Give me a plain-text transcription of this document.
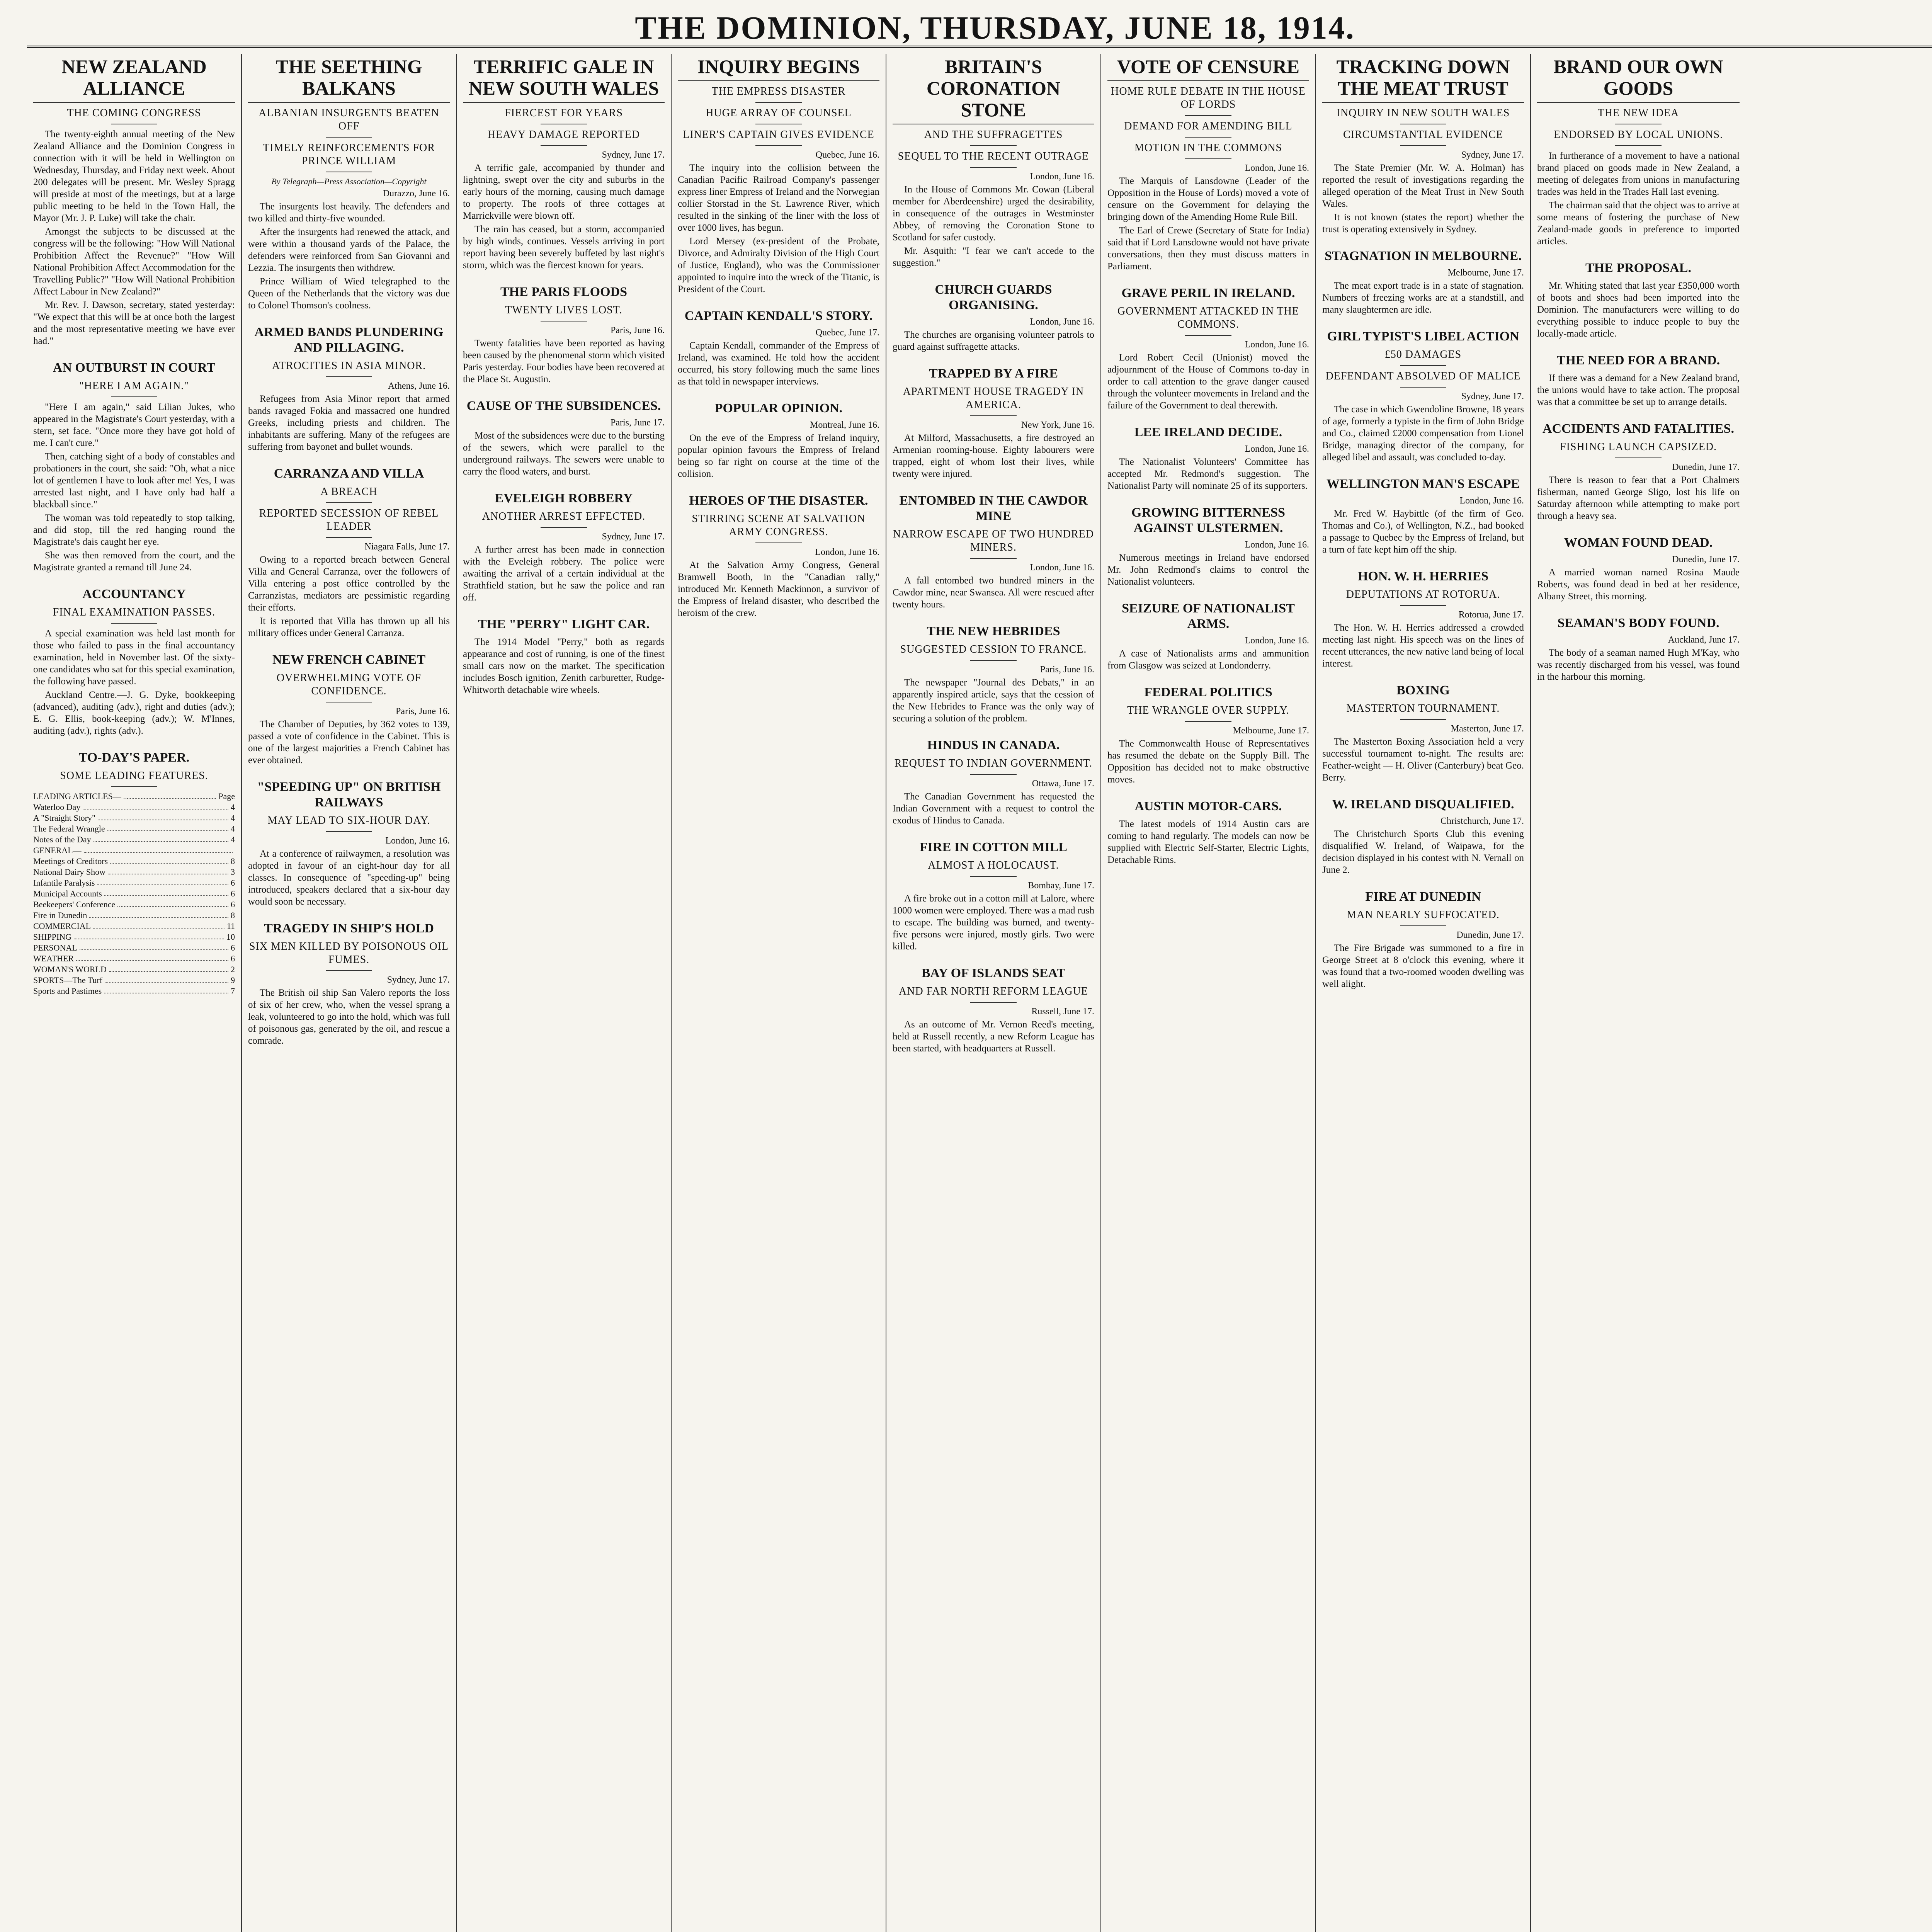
THE DOMINION, THURSDAY, JUNE 18, 1914.
NEW ZEALAND ALLIANCE
THE COMING CONGRESS

The twenty-eighth annual meeting of the New Zealand Alliance and the Dominion Congress in connection with it will be held in Wellington on Wednesday, Thursday, and Friday next week. About 200 delegates will be present. Mr. Wesley Spragg will preside at most of the meetings, but at a large public meeting to be held in the Town Hall, the Mayor (Mr. J. P. Luke) will take the chair.

Amongst the subjects to be discussed at the congress will be the following: "How Will National Prohibition Affect the Revenue?" "How Will National Prohibition Affect Accommodation for the Travelling Public?" "How Will National Prohibition Affect Labour in New Zealand?"

Mr. Rev. J. Dawson, secretary, stated yesterday: "We expect that this will be at once both the largest and the most representative meeting we have ever had."

AN OUTBURST IN COURT
"HERE I AM AGAIN."

"Here I am again," said Lilian Jukes, who appeared in the Magistrate's Court yesterday, with a stern, set face. "Once more they have got hold of me. I can't cure."

Then, catching sight of a body of constables and probationers in the court, she said: "Oh, what a nice lot of gentlemen I have to look after me! Yes, I was arrested last night, and I have only had half a blackball since."

The woman was told repeatedly to stop talking, and did stop, till the red hanging round the Magistrate's dais caught her eye.

She was then removed from the court, and the Magistrate granted a remand till June 24.

ACCOUNTANCY
FINAL EXAMINATION PASSES.

A special examination was held last month for those who failed to pass in the final accountancy examination, held in November last. Of the sixty-one candidates who sat for this special examination, the following have passed.

Auckland Centre.—J. G. Dyke, bookkeeping (advanced), auditing (adv.), right and duties (adv.); E. G. Ellis, book-keeping (adv.); W. M'Innes, auditing (adv.), rights (adv.).

TO-DAY'S PAPER.
SOME LEADING FEATURES.
LEADING ARTICLES—	Page
Waterloo Day	4
A "Straight Story"	4
The Federal Wrangle	4
Notes of the Day	4
GENERAL—
Meetings of Creditors	8
National Dairy Show	3
Infantile Paralysis	6
Municipal Accounts	6
Beekeepers' Conference	6
Fire in Dunedin	8
COMMERCIAL	11
SHIPPING	10
PERSONAL	6
WEATHER	6
WOMAN'S WORLD	2
SPORTS—The Turf	9
Sports and Pastimes	7
THE SEETHING BALKANS
ALBANIAN INSURGENTS BEATEN OFF
TIMELY REINFORCEMENTS FOR PRINCE WILLIAM
By Telegraph—Press Association—Copyright
Durazzo, June 16.

The insurgents lost heavily. The defenders and two killed and thirty-five wounded.

After the insurgents had renewed the attack, and were within a thousand yards of the Palace, the defenders were reinforced from San Giovanni and Lezzia. The insurgents then withdrew.

Prince William of Wied telegraphed to the Queen of the Netherlands that the victory was due to Colonel Thomson's coolness.

ARMED BANDS PLUNDERING AND PILLAGING.
ATROCITIES IN ASIA MINOR.
Athens, June 16.

Refugees from Asia Minor report that armed bands ravaged Fokia and massacred one hundred Greeks, including priests and children. The inhabitants are suffering. Many of the refugees are suffering from bayonet and bullet wounds.

CARRANZA AND VILLA
A BREACH
REPORTED SECESSION OF REBEL LEADER
Niagara Falls, June 17.

Owing to a reported breach between General Villa and General Carranza, over the followers of Villa entering a post office controlled by the Carranzistas, mediators are pessimistic regarding their efforts.

It is reported that Villa has thrown up all his military offices under General Carranza.

NEW FRENCH CABINET
OVERWHELMING VOTE OF CONFIDENCE.
Paris, June 16.

The Chamber of Deputies, by 362 votes to 139, passed a vote of confidence in the Cabinet. This is one of the largest majorities a French Cabinet has ever obtained.

"SPEEDING UP" ON BRITISH RAILWAYS
MAY LEAD TO SIX-HOUR DAY.
London, June 16.

At a conference of railwaymen, a resolution was adopted in favour of an eight-hour day for all classes. In consequence of "speeding-up" being introduced, speakers declared that a six-hour day would soon be necessary.

TRAGEDY IN SHIP'S HOLD
SIX MEN KILLED BY POISONOUS OIL FUMES.
Sydney, June 17.

The British oil ship San Valero reports the loss of six of her crew, who, when the vessel sprang a leak, volunteered to go into the hold, which was full of poisonous gas, generated by the oil, and rescue a comrade.

TERRIFIC GALE IN NEW SOUTH WALES
FIERCEST FOR YEARS
HEAVY DAMAGE REPORTED
Sydney, June 17.

A terrific gale, accompanied by thunder and lightning, swept over the city and suburbs in the early hours of the morning, causing much damage to property. The roofs of three cottages at Marrickville were blown off.

The rain has ceased, but a storm, accompanied by high winds, continues. Vessels arriving in port report having been severely buffeted by last night's storm, which was the fiercest known for years.

THE PARIS FLOODS
TWENTY LIVES LOST.
Paris, June 16.

Twenty fatalities have been reported as having been caused by the phenomenal storm which visited Paris yesterday. Four bodies have been recovered at the Place St. Augustin.

CAUSE OF THE SUBSIDENCES.
Paris, June 17.

Most of the subsidences were due to the bursting of the sewers, which were parallel to the underground railways. The sewers were unable to carry the flood waters, and burst.

EVELEIGH ROBBERY
ANOTHER ARREST EFFECTED.
Sydney, June 17.

A further arrest has been made in connection with the Eveleigh robbery. The police were awaiting the arrival of a certain individual at the Strathfield station, but he saw the police and ran off.

THE "PERRY" LIGHT CAR.

The 1914 Model "Perry," both as regards appearance and cost of running, is one of the finest small cars now on the market. The specification includes Bosch ignition, Zenith carburetter, Rudge-Whitworth detachable wire wheels.

INQUIRY BEGINS
THE EMPRESS DISASTER
HUGE ARRAY OF COUNSEL
LINER'S CAPTAIN GIVES EVIDENCE
Quebec, June 16.

The inquiry into the collision between the Canadian Pacific Railroad Company's passenger express liner Empress of Ireland and the Norwegian collier Storstad in the St. Lawrence River, which resulted in the sinking of the liner with the loss of over 1000 lives, has begun.

Lord Mersey (ex-president of the Probate, Divorce, and Admiralty Division of the High Court of Justice, England), who was the Commissioner appointed to inquire into the wreck of the Titanic, is President of the Court.

CAPTAIN KENDALL'S STORY.
Quebec, June 17.

Captain Kendall, commander of the Empress of Ireland, was examined. He told how the accident occurred, his story following much the same lines as that told in newspaper interviews.

POPULAR OPINION.
Montreal, June 16.

On the eve of the Empress of Ireland inquiry, popular opinion favours the Empress of Ireland being so far right on course at the time of the collision.

HEROES OF THE DISASTER.
STIRRING SCENE AT SALVATION ARMY CONGRESS.
London, June 16.

At the Salvation Army Congress, General Bramwell Booth, in the "Canadian rally," introduced Mr. Kenneth Mackinnon, a survivor of the Empress of Ireland disaster, who described the heroism of the crew.

BRITAIN'S CORONATION STONE
AND THE SUFFRAGETTES
SEQUEL TO THE RECENT OUTRAGE
London, June 16.

In the House of Commons Mr. Cowan (Liberal member for Aberdeenshire) urged the desirability, in consequence of the outrages in Westminster Abbey, of removing the Coronation Stone to Scotland for safer custody.

Mr. Asquith: "I fear we can't accede to the suggestion."

CHURCH GUARDS ORGANISING.
London, June 16.

The churches are organising volunteer patrols to guard against suffragette attacks.

TRAPPED BY A FIRE
APARTMENT HOUSE TRAGEDY IN AMERICA.
New York, June 16.

At Milford, Massachusetts, a fire destroyed an Armenian rooming-house. Eighty labourers were trapped, eight of whom lost their lives, while twenty were injured.

ENTOMBED IN THE CAWDOR MINE
NARROW ESCAPE OF TWO HUNDRED MINERS.
London, June 16.

A fall entombed two hundred miners in the Cawdor mine, near Swansea. All were rescued after twenty hours.

THE NEW HEBRIDES
SUGGESTED CESSION TO FRANCE.
Paris, June 16.

The newspaper "Journal des Debats," in an apparently inspired article, says that the cession of the New Hebrides to France was the only way of securing a solution of the problem.

HINDUS IN CANADA.
REQUEST TO INDIAN GOVERNMENT.
Ottawa, June 17.

The Canadian Government has requested the Indian Government with a request to control the exodus of Hindus to Canada.

FIRE IN COTTON MILL
ALMOST A HOLOCAUST.
Bombay, June 17.

A fire broke out in a cotton mill at Lalore, where 1000 women were employed. There was a mad rush to escape. The building was burned, and twenty-five persons were injured, mostly girls. Two were killed.

BAY OF ISLANDS SEAT
AND FAR NORTH REFORM LEAGUE
Russell, June 17.

As an outcome of Mr. Vernon Reed's meeting, held at Russell recently, a new Reform League has been started, with headquarters at Russell.

VOTE OF CENSURE
HOME RULE DEBATE IN THE HOUSE OF LORDS
DEMAND FOR AMENDING BILL
MOTION IN THE COMMONS
London, June 16.

The Marquis of Lansdowne (Leader of the Opposition in the House of Lords) moved a vote of censure on the Government for delaying the bringing down of the Amending Home Rule Bill.

The Earl of Crewe (Secretary of State for India) said that if Lord Lansdowne would not have private conversations, then they must discuss matters in Parliament.

GRAVE PERIL IN IRELAND.
GOVERNMENT ATTACKED IN THE COMMONS.
London, June 16.

Lord Robert Cecil (Unionist) moved the adjournment of the House of Commons to-day in order to call attention to the grave danger caused through the volunteer movements in Ireland and the failure of the Government to deal therewith.

LEE IRELAND DECIDE.
London, June 16.

The Nationalist Volunteers' Committee has accepted Mr. Redmond's suggestion. The Nationalist Party will nominate 25 of its supporters.

GROWING BITTERNESS AGAINST ULSTERMEN.
London, June 16.

Numerous meetings in Ireland have endorsed Mr. John Redmond's claims to control the Nationalist volunteers.

SEIZURE OF NATIONALIST ARMS.
London, June 16.

A case of Nationalists arms and ammunition from Glasgow was seized at Londonderry.

FEDERAL POLITICS
THE WRANGLE OVER SUPPLY.
Melbourne, June 17.

The Commonwealth House of Representatives has resumed the debate on the Supply Bill. The Opposition has decided not to make obstructive moves.

AUSTIN MOTOR-CARS.

The latest models of 1914 Austin cars are coming to hand regularly. The models can now be supplied with Electric Self-Starter, Electric Lights, Detachable Rims.

TRACKING DOWN THE MEAT TRUST
INQUIRY IN NEW SOUTH WALES
CIRCUMSTANTIAL EVIDENCE
Sydney, June 17.

The State Premier (Mr. W. A. Holman) has reported the result of investigations regarding the alleged operation of the Meat Trust in New South Wales.

It is not known (states the report) whether the trust is operating extensively in Sydney.

STAGNATION IN MELBOURNE.
Melbourne, June 17.

The meat export trade is in a state of stagnation. Numbers of freezing works are at a standstill, and many slaughtermen are idle.

GIRL TYPIST'S LIBEL ACTION
£50 DAMAGES
DEFENDANT ABSOLVED OF MALICE
Sydney, June 17.

The case in which Gwendoline Browne, 18 years of age, formerly a typiste in the firm of John Bridge and Co., claimed £2000 compensation from Lionel Bridge, managing director of the company, for alleged libel and assault, was concluded to-day.

WELLINGTON MAN'S ESCAPE
London, June 16.

Mr. Fred W. Haybittle (of the firm of Geo. Thomas and Co.), of Wellington, N.Z., had booked a passage to Quebec by the Empress of Ireland, but a turn of fate kept him off the ship.

HON. W. H. HERRIES
DEPUTATIONS AT ROTORUA.
Rotorua, June 17.

The Hon. W. H. Herries addressed a crowded meeting last night. His speech was on the lines of recent utterances, the new native land being of local interest.

BOXING
MASTERTON TOURNAMENT.
Masterton, June 17.

The Masterton Boxing Association held a very successful tournament to-night. The results are: Feather-weight — H. Oliver (Canterbury) beat Geo. Berry.

W. IRELAND DISQUALIFIED.
Christchurch, June 17.

The Christchurch Sports Club this evening disqualified W. Ireland, of Waipawa, for the decision displayed in his contest with N. Vernall on June 2.

FIRE AT DUNEDIN
MAN NEARLY SUFFOCATED.
Dunedin, June 17.

The Fire Brigade was summoned to a fire in George Street at 8 o'clock this evening, where it was found that a two-roomed wooden dwelling was well alight.

BRAND OUR OWN GOODS
THE NEW IDEA
ENDORSED BY LOCAL UNIONS.

In furtherance of a movement to have a national brand placed on goods made in New Zealand, a meeting of delegates from unions in manufacturing trades was held in the Trades Hall last evening.

The chairman said that the object was to arrive at some means of fostering the purchase of New Zealand-made goods in preference to imported articles.

THE PROPOSAL.

Mr. Whiting stated that last year £350,000 worth of boots and shoes had been imported into the Dominion. The manufacturers were willing to do everything possible to induce people to buy the locally-made article.

THE NEED FOR A BRAND.

If there was a demand for a New Zealand brand, the unions would have to take action. The proposal was that a committee be set up to arrange details.

ACCIDENTS AND FATALITIES.
FISHING LAUNCH CAPSIZED.
Dunedin, June 17.

There is reason to fear that a Port Chalmers fisherman, named George Sligo, lost his life on Saturday afternoon while attempting to make port through a heavy sea.

WOMAN FOUND DEAD.
Dunedin, June 17.

A married woman named Rosina Maude Roberts, was found dead in bed at her residence, Albany Street, this morning.

SEAMAN'S BODY FOUND.
Auckland, June 17.

The body of a seaman named Hugh M'Kay, who was recently discharged from his vessel, was found in the harbour this morning.
